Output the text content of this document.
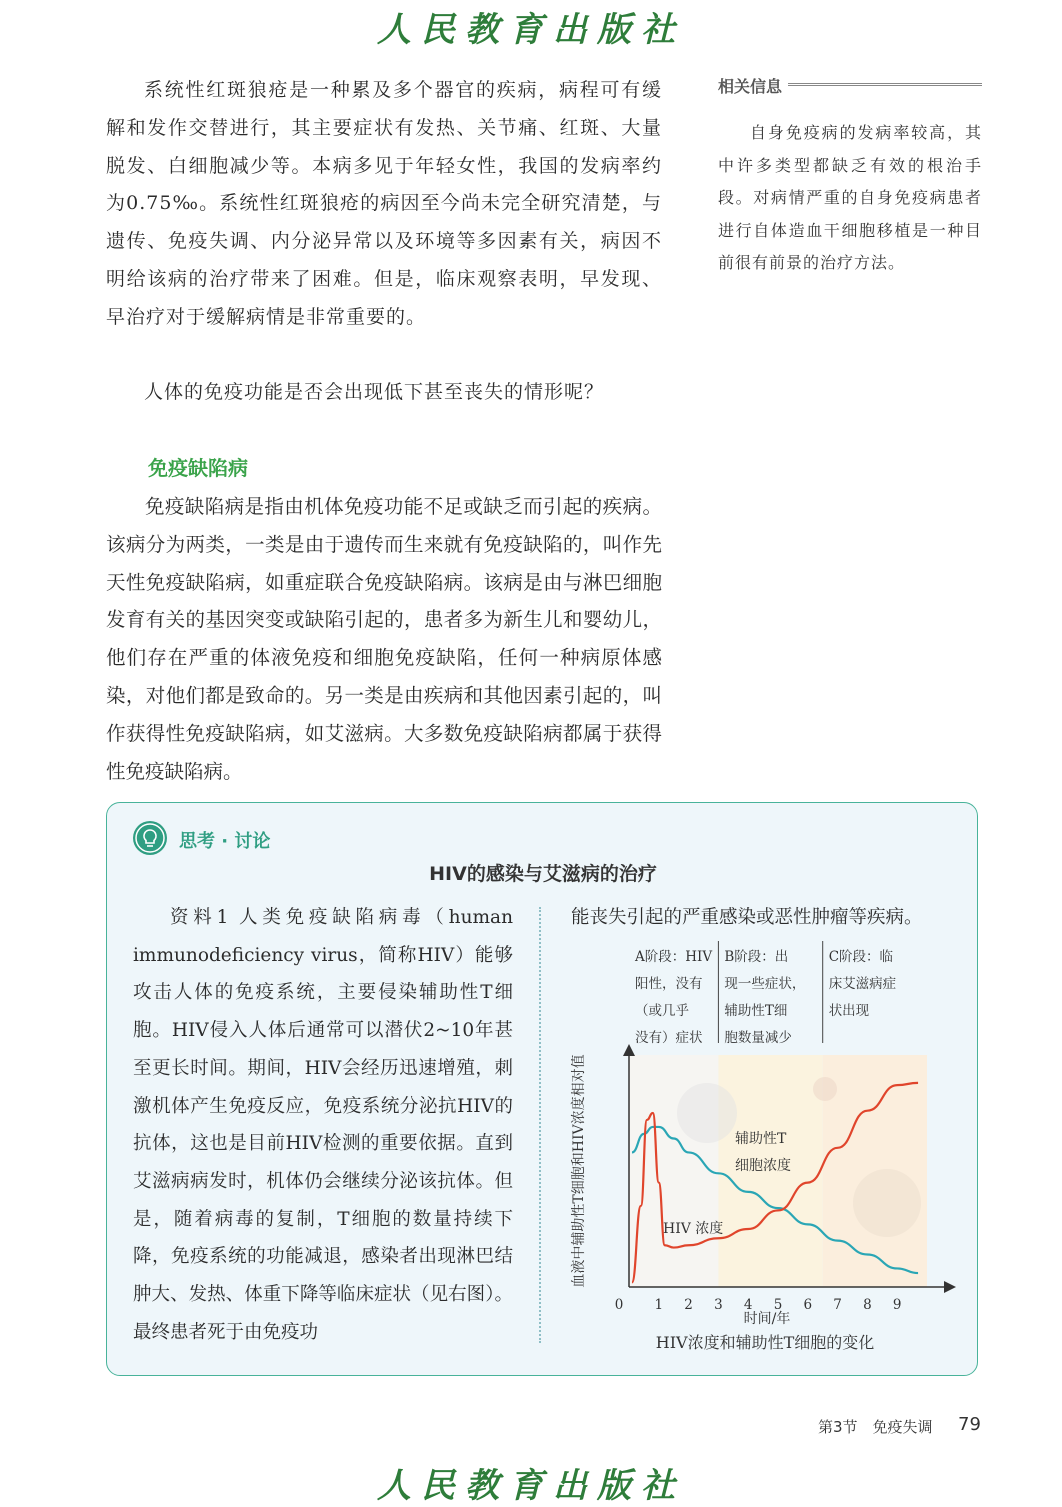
人民教育出版社

系统性红斑狼疮是一种累及多个器官的疾病，病程可有缓解和发作交替进行，其主要症状有发热、关节痛、红斑、大量脱发、白细胞减少等。本病多见于年轻女性，我国的发病率约为0.75‰。系统性红斑狼疮的病因至今尚未完全研究清楚，与遗传、免疫失调、内分泌异常以及环境等多因素有关，病因不明给该病的治疗带来了困难。但是，临床观察表明，早发现、早治疗对于缓解病情是非常重要的。

相关信息

自身免疫病的发病率较高，其中许多类型都缺乏有效的根治手段。对病情严重的自身免疫病患者进行自体造血干细胞移植是一种目前很有前景的治疗方法。

人体的免疫功能是否会出现低下甚至丧失的情形呢？

免疫缺陷病

免疫缺陷病是指由机体免疫功能不足或缺乏而引起的疾病。该病分为两类，一类是由于遗传而生来就有免疫缺陷的，叫作先天性免疫缺陷病，如重症联合免疫缺陷病。该病是由与淋巴细胞发育有关的基因突变或缺陷引起的，患者多为新生儿和婴幼儿，他们存在严重的体液免疫和细胞免疫缺陷，任何一种病原体感染，对他们都是致命的。另一类是由疾病和其他因素引起的，叫作获得性免疫缺陷病，如艾滋病。大多数免疫缺陷病都属于获得性免疫缺陷病。

思考 · 讨论
HIV的感染与艾滋病的治疗

资料1 人类免疫缺陷病毒（human immunodeficiency virus，简称HIV）能够攻击人体的免疫系统，主要侵染辅助性T细胞。HIV侵入人体后通常可以潜伏2~10年甚至更长时间。期间，HIV会经历迅速增殖，刺激机体产生免疫反应，免疫系统分泌抗HIV的抗体，这也是目前HIV检测的重要依据。直到艾滋病病发时，机体仍会继续分泌该抗体。但是，随着病毒的复制，T细胞的数量持续下降，免疫系统的功能减退，感染者出现淋巴结肿大、发热、体重下降等临床症状（见右图）。最终患者死于由免疫功

能丧失引起的严重感染或恶性肿瘤等疾病。

A阶段：HIV 阳性，没有（或几乎没有）症状
B阶段：出现一些症状，辅助性T细胞数量减少
C阶段：临床艾滋病症状出现
0 1 2 3 4 5 6 7 8 9
辅助性T 细胞浓度
HIV 浓度
血液中辅助性T细胞和HIV浓度相对值
时间/年
HIV浓度和辅助性T细胞的变化
第3节　免疫失调 79
人民教育出版社
